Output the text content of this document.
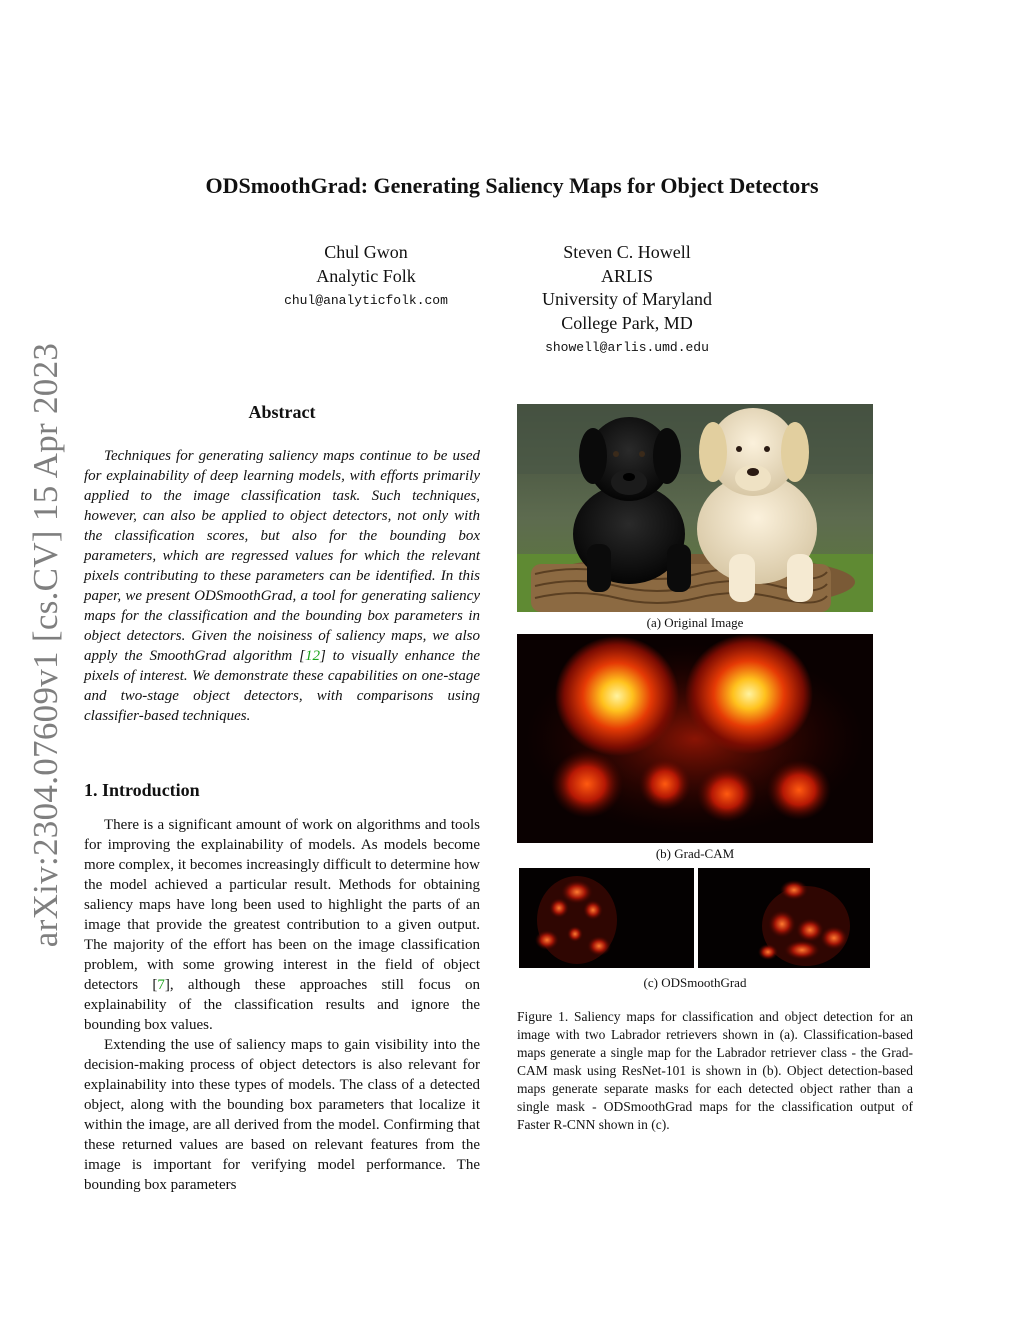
arXiv:2304.07609v1 [cs.CV] 15 Apr 2023
ODSmoothGrad: Generating Saliency Maps for Object Detectors
Chul Gwon
Analytic Folk
chul@analyticfolk.com
Steven C. Howell
ARLIS
University of Maryland
College Park, MD
showell@arlis.umd.edu
Abstract

Techniques for generating saliency maps continue to be used for explainability of deep learning models, with efforts primarily applied to the image classification task. Such techniques, however, can also be applied to object detectors, not only with the classification scores, but also for the bounding box parameters, which are regressed values for which the relevant pixels contributing to these parameters can be identified. In this paper, we present ODSmoothGrad, a tool for generating saliency maps for the classification and the bounding box parameters in object detectors. Given the noisiness of saliency maps, we also apply the SmoothGrad algorithm [12] to visually enhance the pixels of interest. We demonstrate these capabilities on one-stage and two-stage object detectors, with comparisons using classifier-based techniques.

1. Introduction

There is a significant amount of work on algorithms and tools for improving the explainability of models. As models become more complex, it becomes increasingly difficult to determine how the model achieved a particular result. Methods for obtaining saliency maps have long been used to highlight the parts of an image that provide the greatest contribution to a given output. The majority of the effort has been on the image classification problem, with some growing interest in the field of object detectors [7], although these approaches still focus on explainability of the classification results and ignore the bounding box values.

Extending the use of saliency maps to gain visibility into the decision-making process of object detectors is also relevant for explainability into these types of models. The class of a detected object, along with the bounding box parameters that localize it within the image, are all derived from the model. Confirming that these returned values are based on relevant features from the image is important for verifying model performance. The bounding box parameters

(a) Original Image
(b) Grad-CAM
(c) ODSmoothGrad

Figure 1. Saliency maps for classification and object detection for an image with two Labrador retrievers shown in (a). Classification-based maps generate a single map for the Labrador retriever class - the Grad-CAM mask using ResNet-101 is shown in (b). Object detection-based maps generate separate masks for each detected object rather than a single mask - ODSmoothGrad maps for the classification output of Faster R-CNN shown in (c).
